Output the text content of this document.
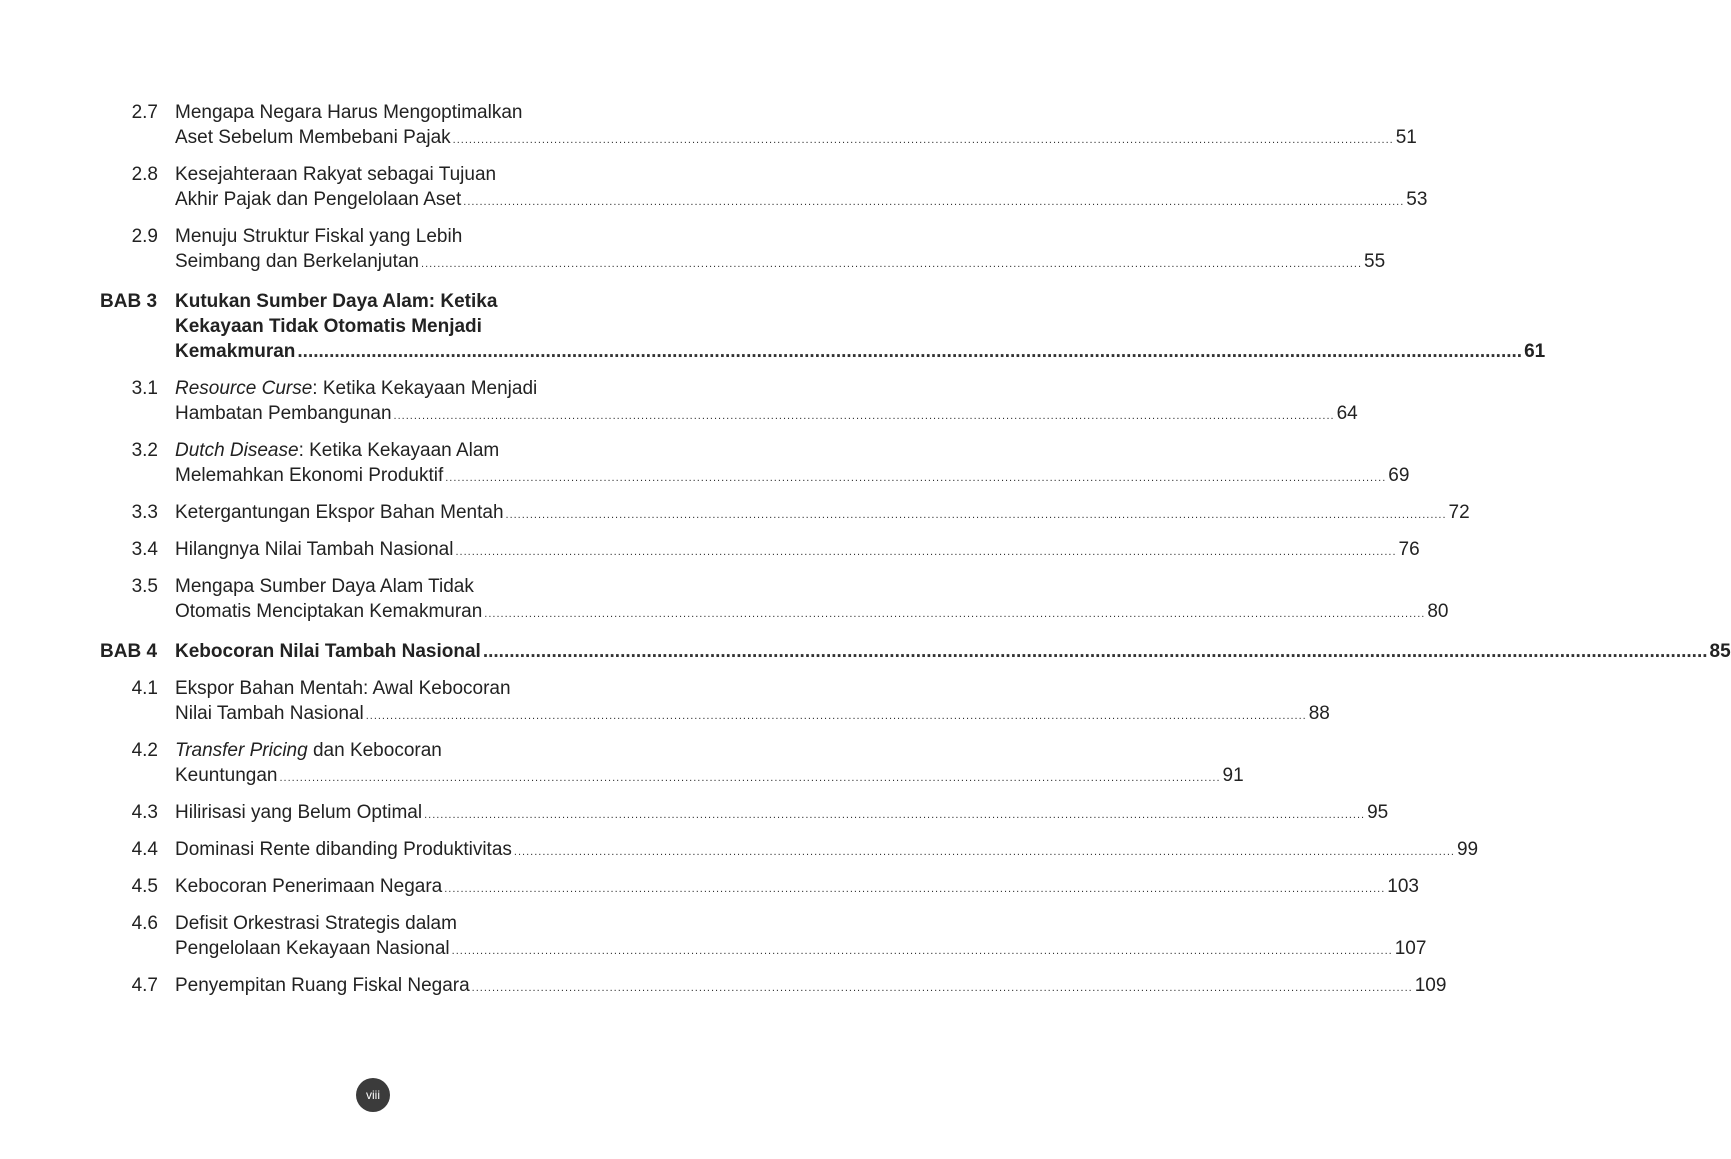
2.7 Mengapa Negara Harus Mengoptimalkan
Aset Sebelum Membebani Pajak .....	51
2.8 Kesejahteraan Rakyat sebagai Tujuan
Akhir Pajak dan Pengelolaan Aset .....	53
2.9 Menuju Struktur Fiskal yang Lebih
Seimbang dan Berkelanjutan .....	55
BAB 3 Kutukan Sumber Daya Alam: Ketika
Kekayaan Tidak Otomatis Menjadi
Kemakmuran .....	61
3.1 Resource Curse: Ketika Kekayaan Menjadi
Hambatan Pembangunan .....	64
3.2 Dutch Disease: Ketika Kekayaan Alam
Melemahkan Ekonomi Produktif .....	69
3.3 Ketergantungan Ekspor Bahan Mentah .....	72
3.4 Hilangnya Nilai Tambah Nasional .....	76
3.5 Mengapa Sumber Daya Alam Tidak
Otomatis Menciptakan Kemakmuran .....	80
BAB 4 Kebocoran Nilai Tambah Nasional .....	85
4.1 Ekspor Bahan Mentah: Awal Kebocoran
Nilai Tambah Nasional .....	88
4.2 Transfer Pricing dan Kebocoran
Keuntungan .....	91
4.3 Hilirisasi yang Belum Optimal .....	95
4.4 Dominasi Rente dibanding Produktivitas .....	99
4.5 Kebocoran Penerimaan Negara .....	103
4.6 Defisit Orkestrasi Strategis dalam
Pengelolaan Kekayaan Nasional .....	107
4.7 Penyempitan Ruang Fiskal Negara .....	109
viii
